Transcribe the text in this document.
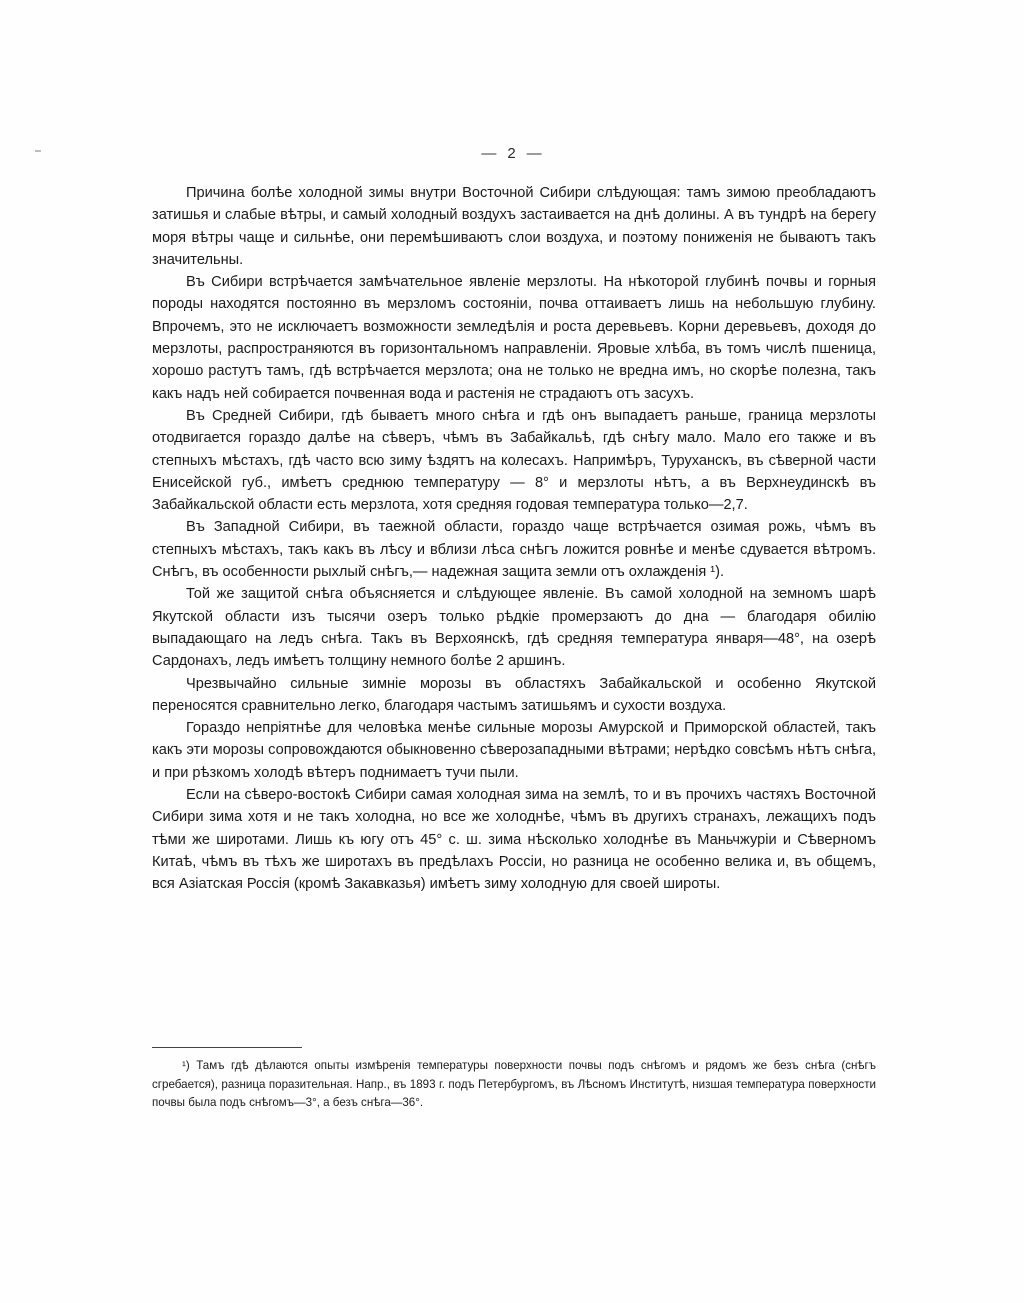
— 2 —

Причина болѣе холодной зимы внутри Восточной Сибири слѣдующая: тамъ зимою преобладаютъ затишья и слабые вѣтры, и самый холодный воздухъ застаивается на днѣ долины. А въ тундрѣ на берегу моря вѣтры чаще и сильнѣе, они перемѣшиваютъ слои воздуха, и поэтому пониженія не бываютъ такъ значительны.

Въ Сибири встрѣчается замѣчательное явленіе мерзлоты. На нѣкоторой глубинѣ почвы и горныя породы находятся постоянно въ мерзломъ состояніи, почва оттаиваетъ лишь на небольшую глубину. Впрочемъ, это не исключаетъ возможности земледѣлія и роста деревьевъ. Корни деревьевъ, доходя до мерзлоты, распространяются въ горизонтальномъ направленіи. Яровые хлѣба, въ томъ числѣ пшеница, хорошо растутъ тамъ, гдѣ встрѣчается мерзлота; она не только не вредна имъ, но скорѣе полезна, такъ какъ надъ ней собирается почвенная вода и растенія не страдаютъ отъ засухъ.

Въ Средней Сибири, гдѣ бываетъ много снѣга и гдѣ онъ выпадаетъ раньше, граница мерзлоты отодвигается гораздо далѣе на сѣверъ, чѣмъ въ Забайкальѣ, гдѣ снѣгу мало. Мало его также и въ степныхъ мѣстахъ, гдѣ часто всю зиму ѣздятъ на колесахъ. Напримѣръ, Туруханскъ, въ сѣверной части Енисейской губ., имѣетъ среднюю температуру — 8° и мерзлоты нѣтъ, а въ Верхнеудинскѣ въ Забайкальской области есть мерзлота, хотя средняя годовая температура только—2,7.

Въ Западной Сибири, въ таежной области, гораздо чаще встрѣчается озимая рожь, чѣмъ въ степныхъ мѣстахъ, такъ какъ въ лѣсу и вблизи лѣса снѣгъ ложится ровнѣе и менѣе сдувается вѣтромъ. Снѣгъ, въ особенности рыхлый снѣгъ,— надежная защита земли отъ охлажденія ¹).

Той же защитой снѣга объясняется и слѣдующее явленіе. Въ самой холодной на земномъ шарѣ Якутской области изъ тысячи озеръ только рѣдкіе промерзаютъ до дна — благодаря обилію выпадающаго на ледъ снѣга. Такъ въ Верхоянскѣ, гдѣ средняя температура января—48°, на озерѣ Сардонахъ, ледъ имѣетъ толщину немного болѣе 2 аршинъ.

Чрезвычайно сильные зимніе морозы въ областяхъ Забайкальской и особенно Якутской переносятся сравнительно легко, благодаря частымъ затишьямъ и сухости воздуха.

Гораздо непріятнѣе для человѣка менѣе сильные морозы Амурской и Приморской областей, такъ какъ эти морозы сопровождаются обыкновенно сѣверозападными вѣтрами; нерѣдко совсѣмъ нѣтъ снѣга, и при рѣзкомъ холодѣ вѣтеръ поднимаетъ тучи пыли.

Если на сѣверо-востокѣ Сибири самая холодная зима на землѣ, то и въ прочихъ частяхъ Восточной Сибири зима хотя и не такъ холодна, но все же холоднѣе, чѣмъ въ другихъ странахъ, лежащихъ подъ тѣми же широтами. Лишь къ югу отъ 45° с. ш. зима нѣсколько холоднѣе въ Маньчжуріи и Сѣверномъ Китаѣ, чѣмъ въ тѣхъ же широтахъ въ предѣлахъ Россіи, но разница не особенно велика и, въ общемъ, вся Азіатская Россія (кромѣ Закавказья) имѣетъ зиму холодную для своей широты.

¹) Тамъ гдѣ дѣлаются опыты измѣренія температуры поверхности почвы подъ снѣгомъ и рядомъ же безъ снѣга (снѣгъ сгребается), разница поразительная. Напр., въ 1893 г. подъ Петербургомъ, въ Лѣсномъ Институтѣ, низшая температура поверхности почвы была подъ снѣгомъ—3°, а безъ снѣга—36°.
